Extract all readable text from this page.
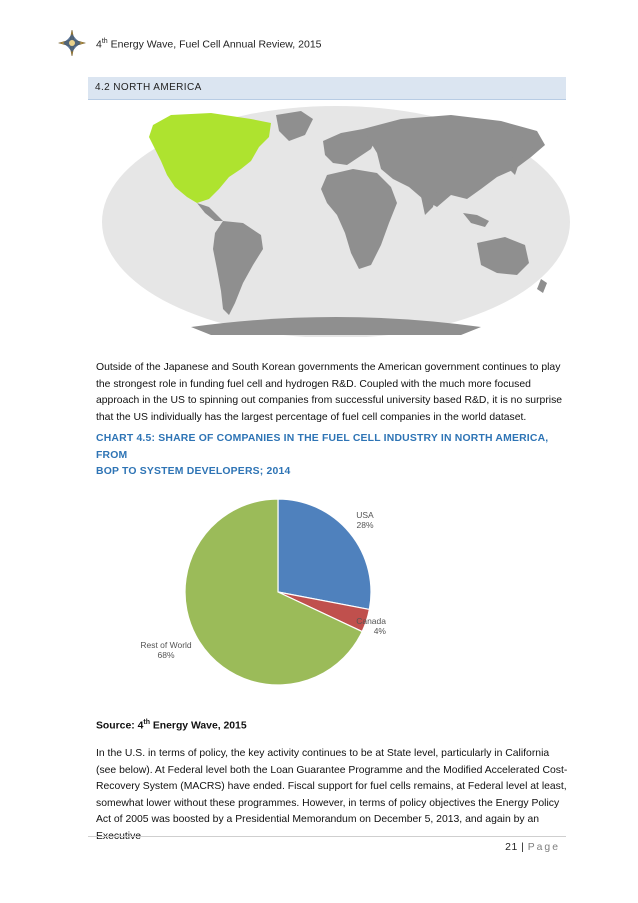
4th Energy Wave, Fuel Cell Annual Review, 2015
4.2 NORTH AMERICA

Outside of the Japanese and South Korean governments the American government continues to play the strongest role in funding fuel cell and hydrogen R&D. Coupled with the much more focused approach in the US to spinning out companies from successful university based R&D, it is no surprise that the US individually has the largest percentage of fuel cell companies in the world dataset.

CHART 4.5: SHARE OF COMPANIES IN THE FUEL CELL INDUSTRY IN NORTH AMERICA, FROM

BOP TO SYSTEM DEVELOPERS; 2014

USA
28%
Canada
4%
Rest of World
68%
Source: 4th Energy Wave, 2015

In the U.S. in terms of policy, the key activity continues to be at State level, particularly in California (see below). At Federal level both the Loan Guarantee Programme and the Modified Accelerated Cost-Recovery System (MACRS) have ended. Fiscal support for fuel cells remains, at Federal level at least, somewhat lower without these programmes. However, in terms of policy objectives the Energy Policy Act of 2005 was boosted by a Presidential Memorandum on December 5, 2013, and again by an

21 | Page
